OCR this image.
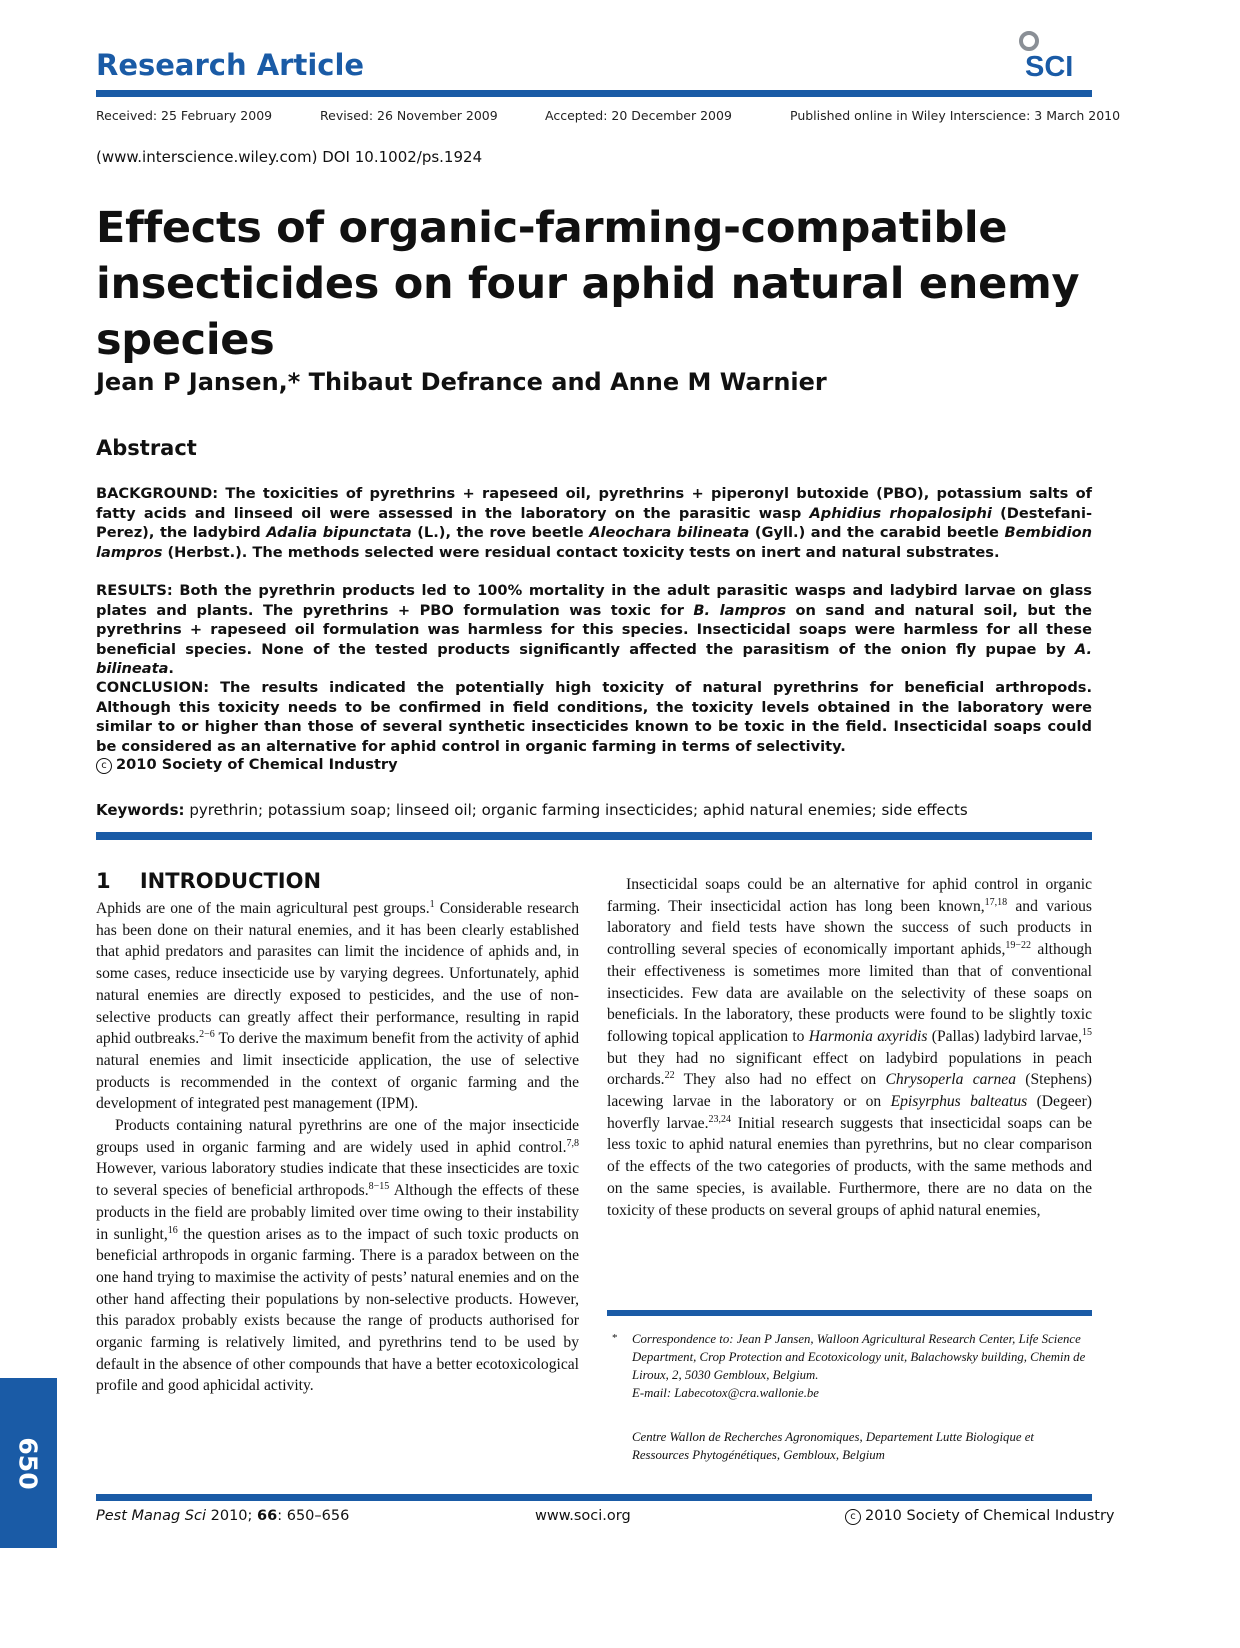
Research Article	SCI
Received: 25 February 2009	Revised: 26 November 2009	Accepted: 20 December 2009	Published online in Wiley Interscience: 3 March 2010
(www.interscience.wiley.com) DOI 10.1002/ps.1924
Effects of organic-farming-compatible insecticides on four aphid natural enemy species
Jean P Jansen,* Thibaut Defrance and Anne M Warnier
Abstract
BACKGROUND: The toxicities of pyrethrins + rapeseed oil, pyrethrins + piperonyl butoxide (PBO), potassium salts of fatty acids and linseed oil were assessed in the laboratory on the parasitic wasp Aphidius rhopalosiphi (Destefani-Perez), the ladybird Adalia bipunctata (L.), the rove beetle Aleochara bilineata (Gyll.) and the carabid beetle Bembidion lampros (Herbst.). The methods selected were residual contact toxicity tests on inert and natural substrates.
RESULTS: Both the pyrethrin products led to 100% mortality in the adult parasitic wasps and ladybird larvae on glass plates and plants. The pyrethrins + PBO formulation was toxic for B. lampros on sand and natural soil, but the pyrethrins + rapeseed oil formulation was harmless for this species. Insecticidal soaps were harmless for all these beneficial species. None of the tested products significantly affected the parasitism of the onion fly pupae by A. bilineata.
CONCLUSION: The results indicated the potentially high toxicity of natural pyrethrins for beneficial arthropods. Although this toxicity needs to be confirmed in field conditions, the toxicity levels obtained in the laboratory were similar to or higher than those of several synthetic insecticides known to be toxic in the field. Insecticidal soaps could be considered as an alternative for aphid control in organic farming in terms of selectivity.
c 2010 Society of Chemical Industry
Keywords: pyrethrin; potassium soap; linseed oil; organic farming insecticides; aphid natural enemies; side effects
1    INTRODUCTION

Aphids are one of the main agricultural pest groups.$^1$ Considerable research has been done on their natural enemies, and it has been clearly established that aphid predators and parasites can limit the incidence of aphids and, in some cases, reduce insecticide use by varying degrees. Unfortunately, aphid natural enemies are directly exposed to pesticides, and the use of non-selective products can greatly affect their performance, resulting in rapid aphid outbreaks.$^{2-6}$ To derive the maximum benefit from the activity of aphid natural enemies and limit insecticide application, the use of selective products is recommended in the context of organic farming and the development of integrated pest management (IPM).

Products containing natural pyrethrins are one of the major insecticide groups used in organic farming and are widely used in aphid control.$^{7,8}$ However, various laboratory studies indicate that these insecticides are toxic to several species of beneficial arthropods.$^{8-15}$ Although the effects of these products in the field are probably limited over time owing to their instability in sunlight,$^{16}$ the question arises as to the impact of such toxic products on beneficial arthropods in organic farming. There is a paradox between on the one hand trying to maximise the activity of pests’ natural enemies and on the other hand affecting their populations by non-selective products. However, this paradox probably exists because the range of products authorised for organic farming is relatively limited, and pyrethrins tend to be used by default in the absence of other compounds that have a better ecotoxicological profile and good aphicidal activity.

Insecticidal soaps could be an alternative for aphid control in organic farming. Their insecticidal action has long been known,$^{17,18}$ and various laboratory and field tests have shown the success of such products in controlling several species of economically important aphids,$^{19-22}$ although their effectiveness is sometimes more limited than that of conventional insecticides. Few data are available on the selectivity of these soaps on beneficials. In the laboratory, these products were found to be slightly toxic following topical application to Harmonia axyridis (Pallas) ladybird larvae,$^{15}$ but they had no significant effect on ladybird populations in peach orchards.$^{22}$ They also had no effect on Chrysoperla carnea (Stephens) lacewing larvae in the laboratory or on Episyrphus balteatus (Degeer) hoverfly larvae.$^{23,24}$ Initial research suggests that insecticidal soaps can be less toxic to aphid natural enemies than pyrethrins, but no clear comparison of the effects of the two categories of products, with the same methods and on the same species, is available. Furthermore, there are no data on the toxicity of these products on several groups of aphid natural enemies,

*	Correspondence to: Jean P Jansen, Walloon Agricultural Research Center, Life Science Department, Crop Protection and Ecotoxicology unit, Balachowsky building, Chemin de Liroux, 2, 5030 Gembloux, Belgium.
E-mail: Labecotox@cra.wallonie.be
Centre Wallon de Recherches Agronomiques, Departement Lutte Biologique et Ressources Phytogénétiques, Gembloux, Belgium
650
Pest Manag Sci 2010; 66: 650–656	www.soci.org	c 2010 Society of Chemical Industry
